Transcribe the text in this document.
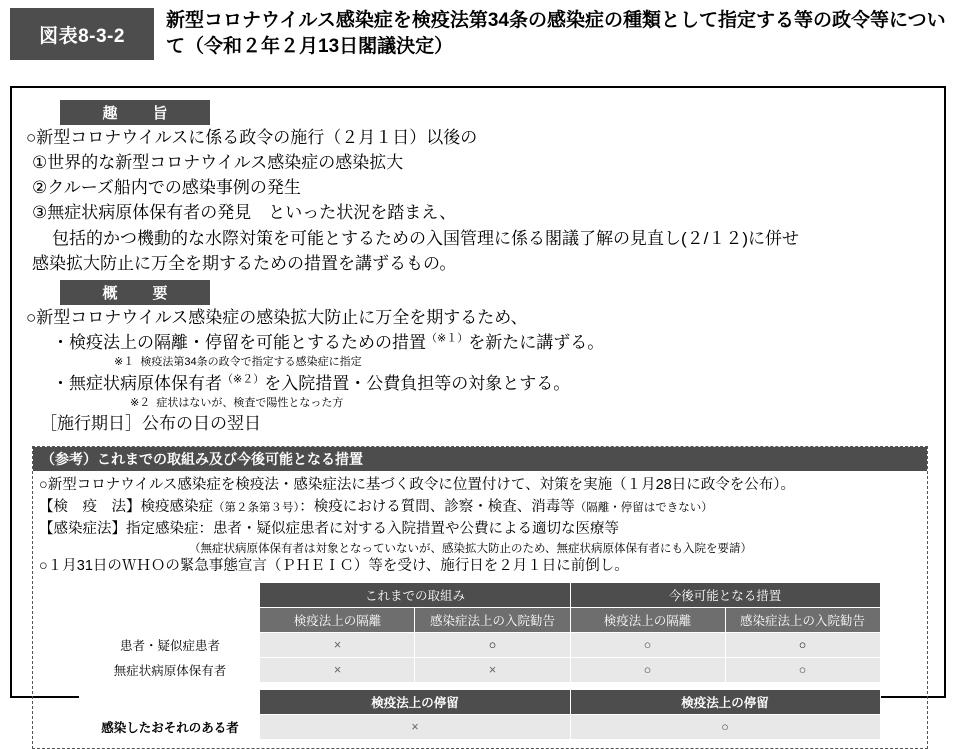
図表8-3-2
新型コロナウイルス感染症を検疫法第34条の感染症の種類として指定する等の政令等について（令和２年２月13日閣議決定）
趣　旨
○新型コロナウイルスに係る政令の施行（２月１日）以後の
①世界的な新型コロナウイルス感染症の感染拡大
②クルーズ船内での感染事例の発生
③無症状病原体保有者の発見　といった状況を踏まえ、
包括的かつ機動的な水際対策を可能とするための入国管理に係る閣議了解の見直し(２/１２)に併せ
感染拡大防止に万全を期するための措置を講ずるもの。
概　要
○新型コロナウイルス感染症の感染拡大防止に万全を期するため、
・検疫法上の隔離・停留を可能とするための措置$^{(※1)}$を新たに講ずる。
※１ 検疫法第34条の政令で指定する感染症に指定
・無症状病原体保有者$^{(※2)}$を入院措置・公費負担等の対象とする。
※２ 症状はないが、検査で陽性となった方
［施行期日］公布の日の翌日
（参考）これまでの取組み及び今後可能となる措置
○新型コロナウイルス感染症を検疫法・感染症法に基づく政令に位置付けて、対策を実施（１月28日に政令を公布）。
【検　疫　法】検疫感染症（第２条第３号）：検疫における質問、診察・検査、消毒等（隔離・停留はできない）
【感染症法】指定感染症：患者・疑似症患者に対する入院措置や公費による適切な医療等
（無症状病原体保有者は対象となっていないが、感染拡大防止のため、無症状病原体保有者にも入院を要請）
○１月31日のＷＨＯの緊急事態宣言（ＰＨＥＩＣ）等を受け、施行日を２月１日に前倒し。
	これまでの取組み		今後可能となる措置	
	検疫法上の隔離	感染症法上の入院勧告	検疫法上の隔離	感染症法上の入院勧告
患者・疑似症患者	×	○	○	○
無症状病原体保有者	×	×	○	○
	検疫法上の停留	検疫法上の停留
感染したおそれのある者	×	○
